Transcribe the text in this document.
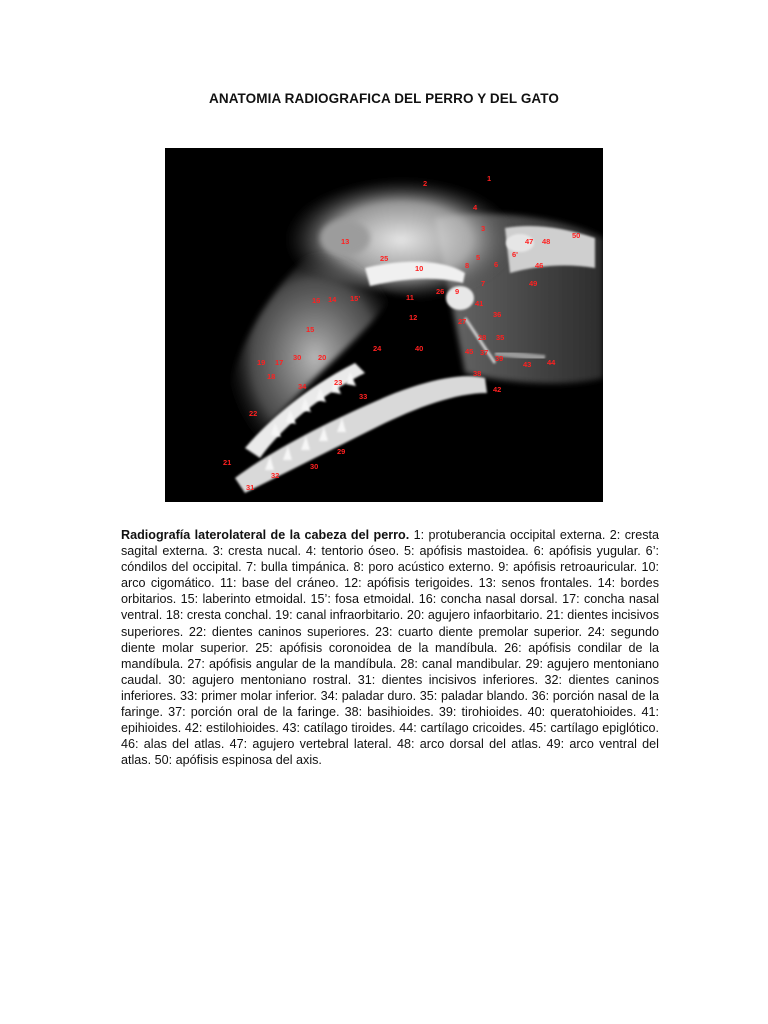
ANATOMIA RADIOGRAFICA DEL PERRO Y DEL GATO
1
2
4
3
47 48
50
13
25	5	6'
6
8	46
10
7	49
16 14 15'	11
26 9
41
12	27
36
15
28 35
40
24
20
45 37
39
43 44
19 17
30
18	38
34	23
42
33
22
29
21	30
32
31
Radiografía laterolateral de la cabeza del perro. 1: protuberancia occipital externa. 2: cresta sagital externa. 3: cresta nucal. 4: tentorio óseo. 5: apófisis mastoidea. 6: apófisis yugular. 6’: cóndilos del occipital. 7: bulla timpánica. 8: poro acústico externo. 9: apófisis retroauricular. 10: arco cigomático. 11: base del cráneo. 12: apófisis terigoides. 13: senos frontales. 14: bordes orbitarios. 15: laberinto etmoidal. 15’: fosa etmoidal. 16: concha nasal dorsal. 17: concha nasal ventral. 18: cresta conchal. 19: canal infraorbitario. 20: agujero infaorbitario. 21: dientes incisivos superiores. 22: dientes caninos superiores. 23: cuarto diente premolar superior. 24: segundo diente molar superior. 25: apófisis coronoidea de la mandíbula. 26: apófisis condilar de la mandíbula. 27: apófisis angular de la mandíbula. 28: canal mandibular. 29: agujero mentoniano caudal. 30: agujero mentoniano rostral. 31: dientes incisivos inferiores. 32: dientes caninos inferiores. 33: primer molar inferior. 34: paladar duro. 35: paladar blando. 36: porción nasal de la faringe. 37: porción oral de la faringe. 38: basihioides. 39: tirohioides. 40: queratohioides. 41: epihioides. 42: estilohioides. 43: catílago tiroides. 44: cartílago cricoides. 45: cartílago epiglótico. 46: alas del atlas. 47: agujero vertebral lateral. 48: arco dorsal del atlas. 49: arco ventral del atlas. 50: apófisis espinosa del axis.
